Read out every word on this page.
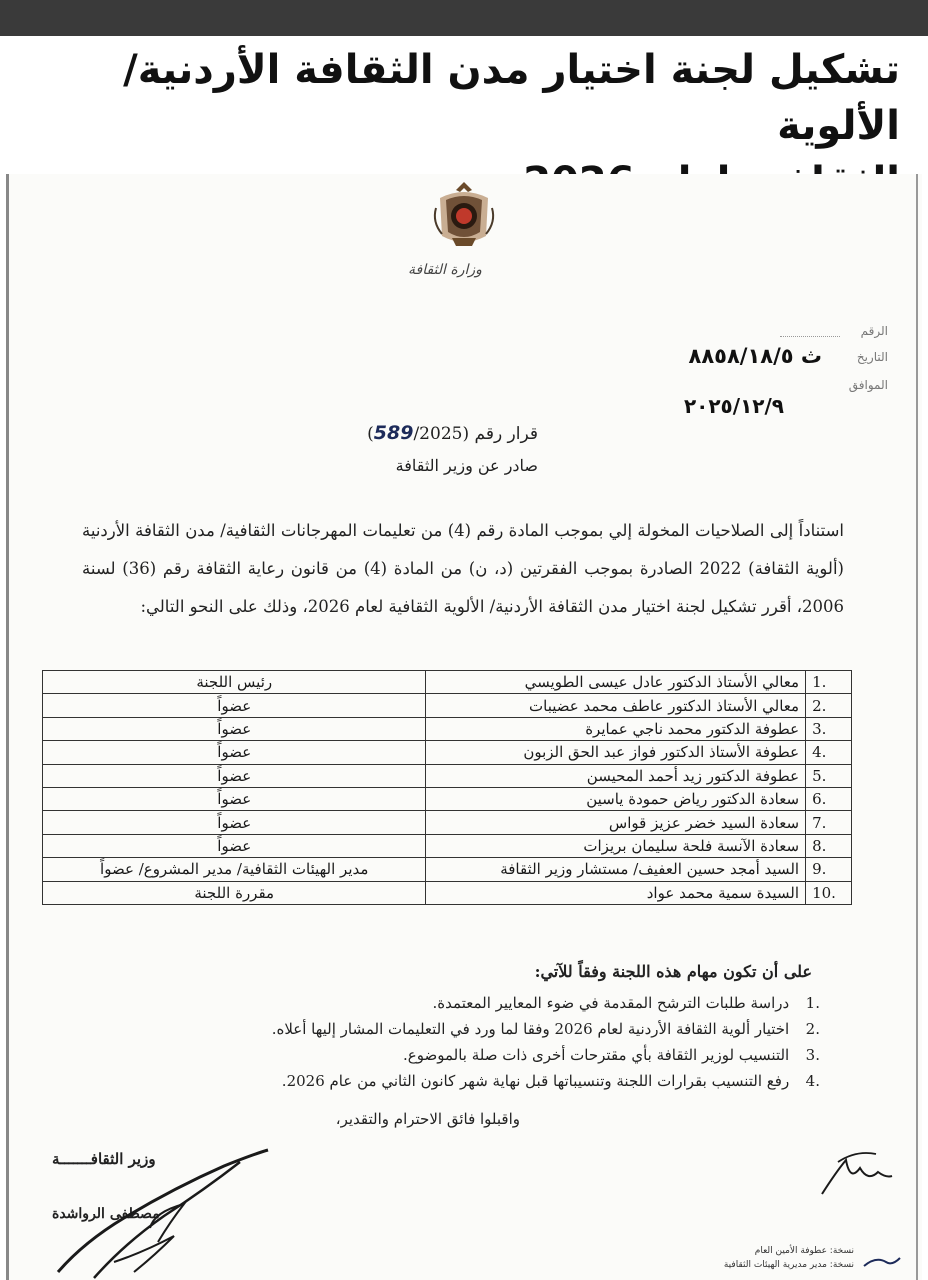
تشكيل لجنة اختيار مدن الثقافة الأردنية/ الألوية
وزارة الثقافة
الرقم
التاريخ
ث ٨٨٥٨/١٨/٥
الموافق
٢٠٢٥/١٢/٩
قرار رقم (589/2025)
صادر عن وزير الثقافة
استناداً إلى الصلاحيات المخولة إلي بموجب المادة رقم (4) من تعليمات المهرجانات الثقافية/ مدن الثقافة الأردنية (ألوية الثقافة) 2022 الصادرة بموجب الفقرتين (د، ن) من المادة (4) من قانون رعاية الثقافة رقم (36) لسنة 2006، أقرر تشكيل لجنة اختيار مدن الثقافة الأردنية/ الألوية الثقافية لعام 2026، وذلك على النحو التالي:
.1	معالي الأستاذ الدكتور عادل عيسى الطويسي	رئيس اللجنة
.2	معالي الأستاذ الدكتور عاطف محمد عضيبات	عضواً
.3	عطوفة الدكتور محمد ناجي عمايرة	عضواً
.4	عطوفة الأستاذ الدكتور فواز عبد الحق الزبون	عضواً
.5	عطوفة الدكتور زيد أحمد المحيسن	عضواً
.6	سعادة الدكتور رياض حمودة ياسين	عضواً
.7	سعادة السيد خضر عزيز قواس	عضواً
.8	سعادة الآنسة فلحة سليمان بريزات	عضواً
.9	السيد أمجد حسين العفيف/ مستشار وزير الثقافة	مدير الهيئات الثقافية/ مدير المشروع/ عضواً
.10	السيدة سمية محمد عواد	مقررة اللجنة
على أن تكون مهام هذه اللجنة وفقاً للآتي:
.1 دراسة طلبات الترشح المقدمة في ضوء المعايير المعتمدة.
.2 اختيار ألوية الثقافة الأردنية لعام 2026 وفقا لما ورد في التعليمات المشار إليها أعلاه.
.3 التنسيب لوزير الثقافة بأي مقترحات أخرى ذات صلة بالموضوع.
.4 رفع التنسيب بقرارات اللجنة وتنسيباتها قبل نهاية شهر كانون الثاني من عام 2026.
واقبلوا فائق الاحترام والتقدير،
وزير الثقافـــــــة
مصطفى الرواشدة
نسخة: عطوفة الأمين العام
نسخة: مدير مديرية الهيئات الثقافية
